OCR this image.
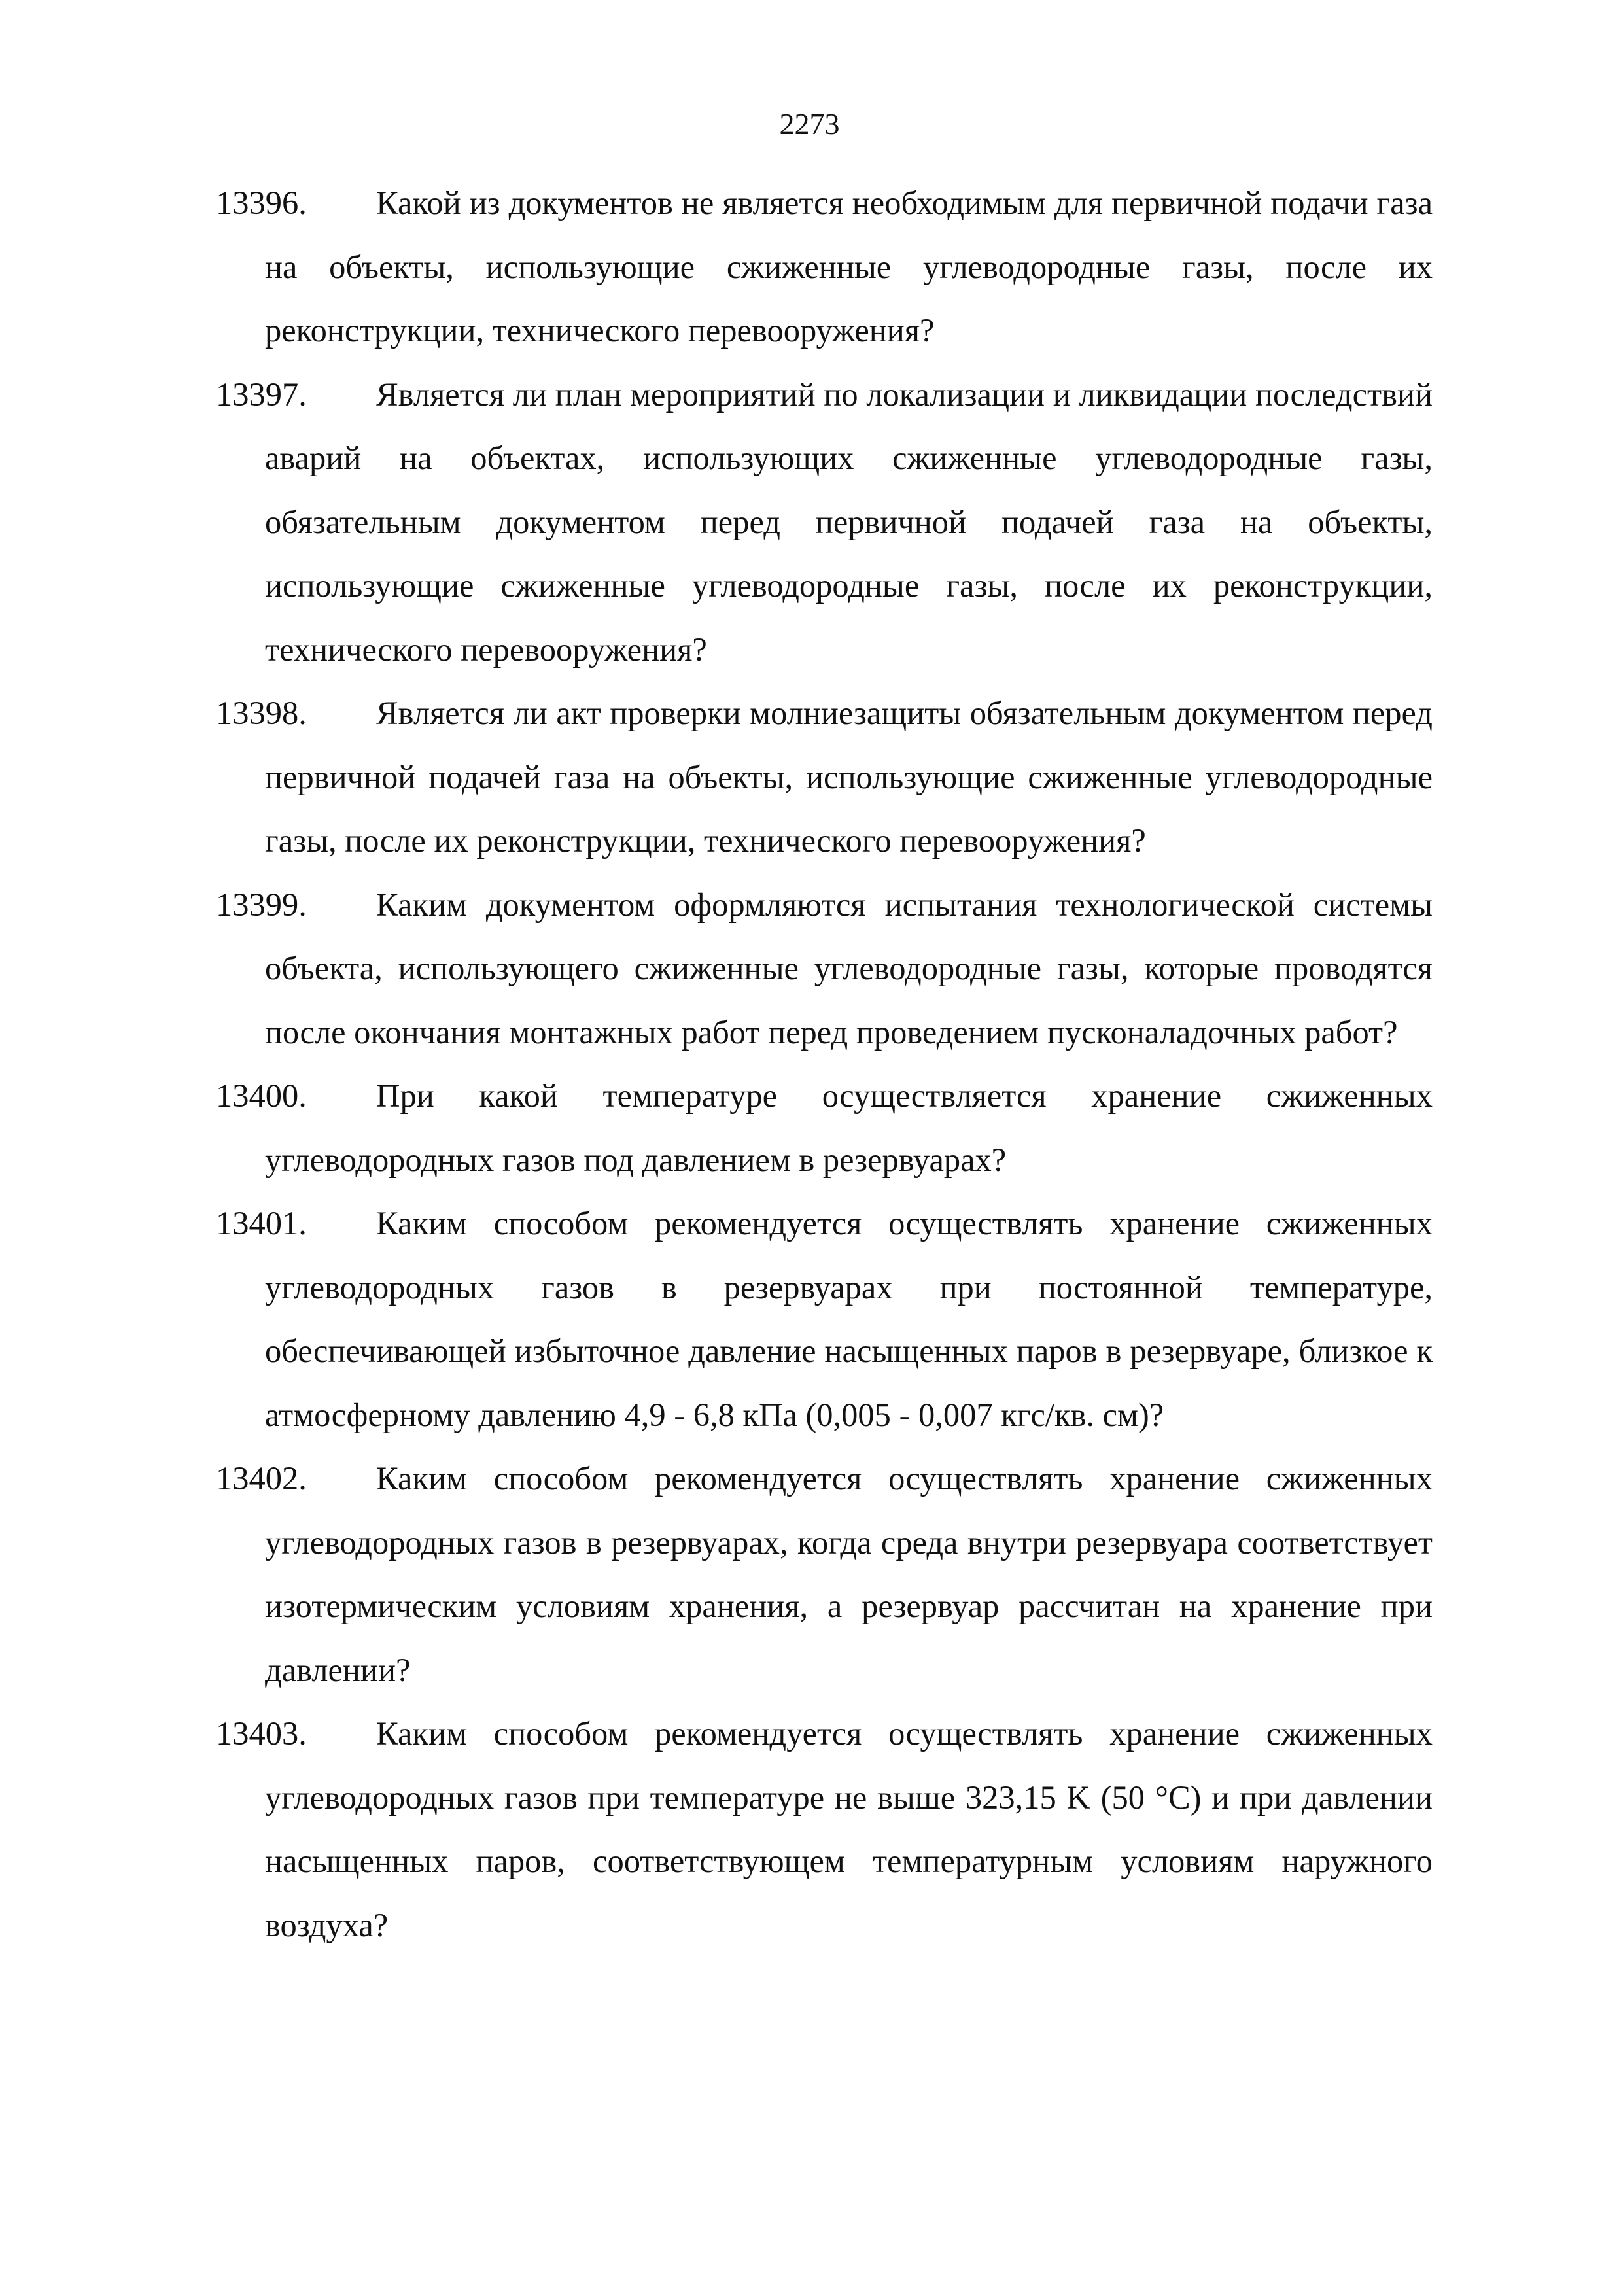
2273
13396. Какой из документов не является необходимым для первичной подачи газа на объекты, использующие сжиженные углеводородные газы, после их реконструкции, технического перевооружения?
13397. Является ли план мероприятий по локализации и ликвидации последствий аварий на объектах, использующих сжиженные углеводородные газы, обязательным документом перед первичной подачей газа на объекты, использующие сжиженные углеводородные газы, после их реконструкции, технического перевооружения?
13398. Является ли акт проверки молниезащиты обязательным документом перед первичной подачей газа на объекты, использующие сжиженные углеводородные газы, после их реконструкции, технического перевооружения?
13399. Каким документом оформляются испытания технологической системы объекта, использующего сжиженные углеводородные газы, которые проводятся после окончания монтажных работ перед проведением пусконаладочных работ?
13400. При какой температуре осуществляется хранение сжиженных углеводородных газов под давлением в резервуарах?
13401. Каким способом рекомендуется осуществлять хранение сжиженных углеводородных газов в резервуарах при постоянной температуре, обеспечивающей избыточное давление насыщенных паров в резервуаре, близкое к атмосферному давлению 4,9 - 6,8 кПа (0,005 - 0,007 кгс/кв. см)?
13402. Каким способом рекомендуется осуществлять хранение сжиженных углеводородных газов в резервуарах, когда среда внутри резервуара соответствует изотермическим условиям хранения, а резервуар рассчитан на хранение при давлении?
13403. Каким способом рекомендуется осуществлять хранение сжиженных углеводородных газов при температуре не выше 323,15 K (50 °C) и при давлении насыщенных паров, соответствующем температурным условиям наружного воздуха?
